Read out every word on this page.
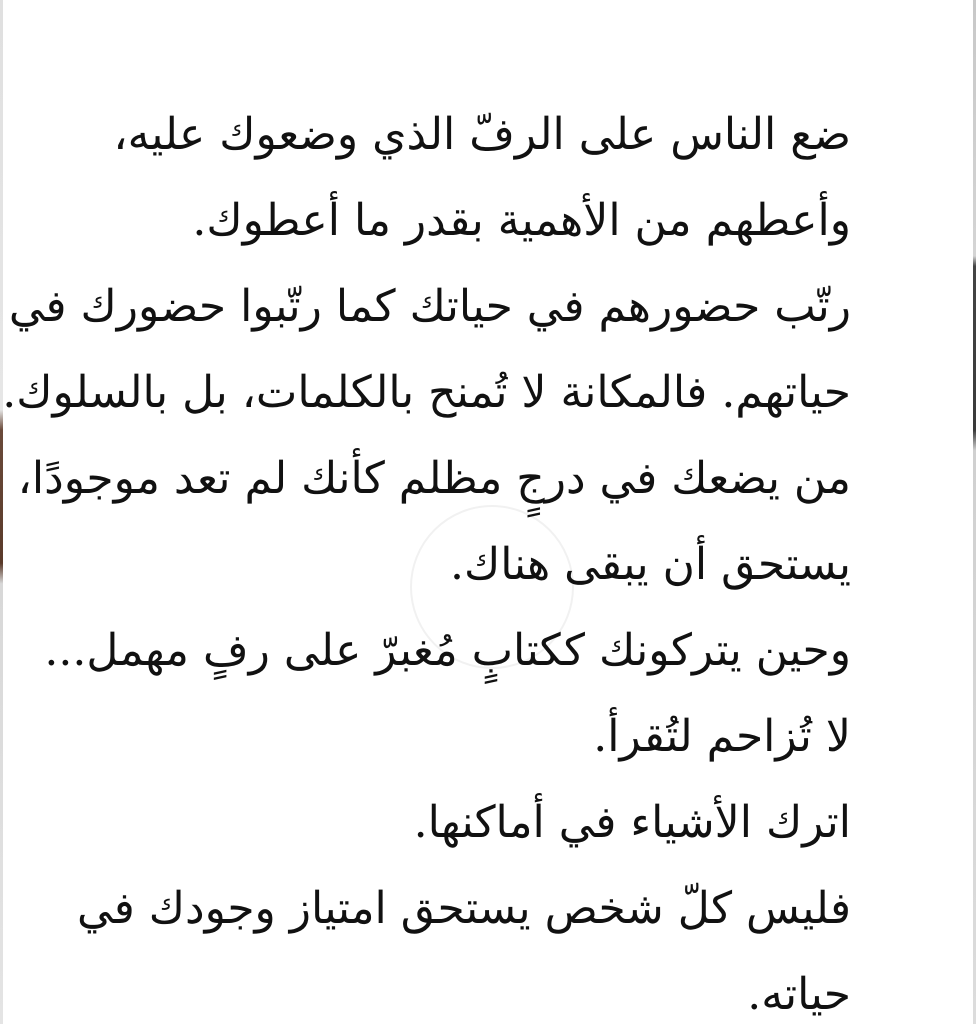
ضع الناس على الرفّ الذي وضعوك عليه،
وأعطهم من الأهمية بقدر ما أعطوك.
رتّب حضورهم في حياتك كما رتّبوا حضورك في
حياتهم. فالمكانة لا تُمنح بالكلمات، بل بالسلوك.
من يضعك في درجٍ مظلم كأنك لم تعد موجودًا،
يستحق أن يبقى هناك.
وحين يتركونك ككتابٍ مُغبرّ على رفٍ مهمل...
لا تُزاحم لتُقرأ.
اترك الأشياء في أماكنها.
فليس كلّ شخص يستحق امتياز وجودك في
حياته.
